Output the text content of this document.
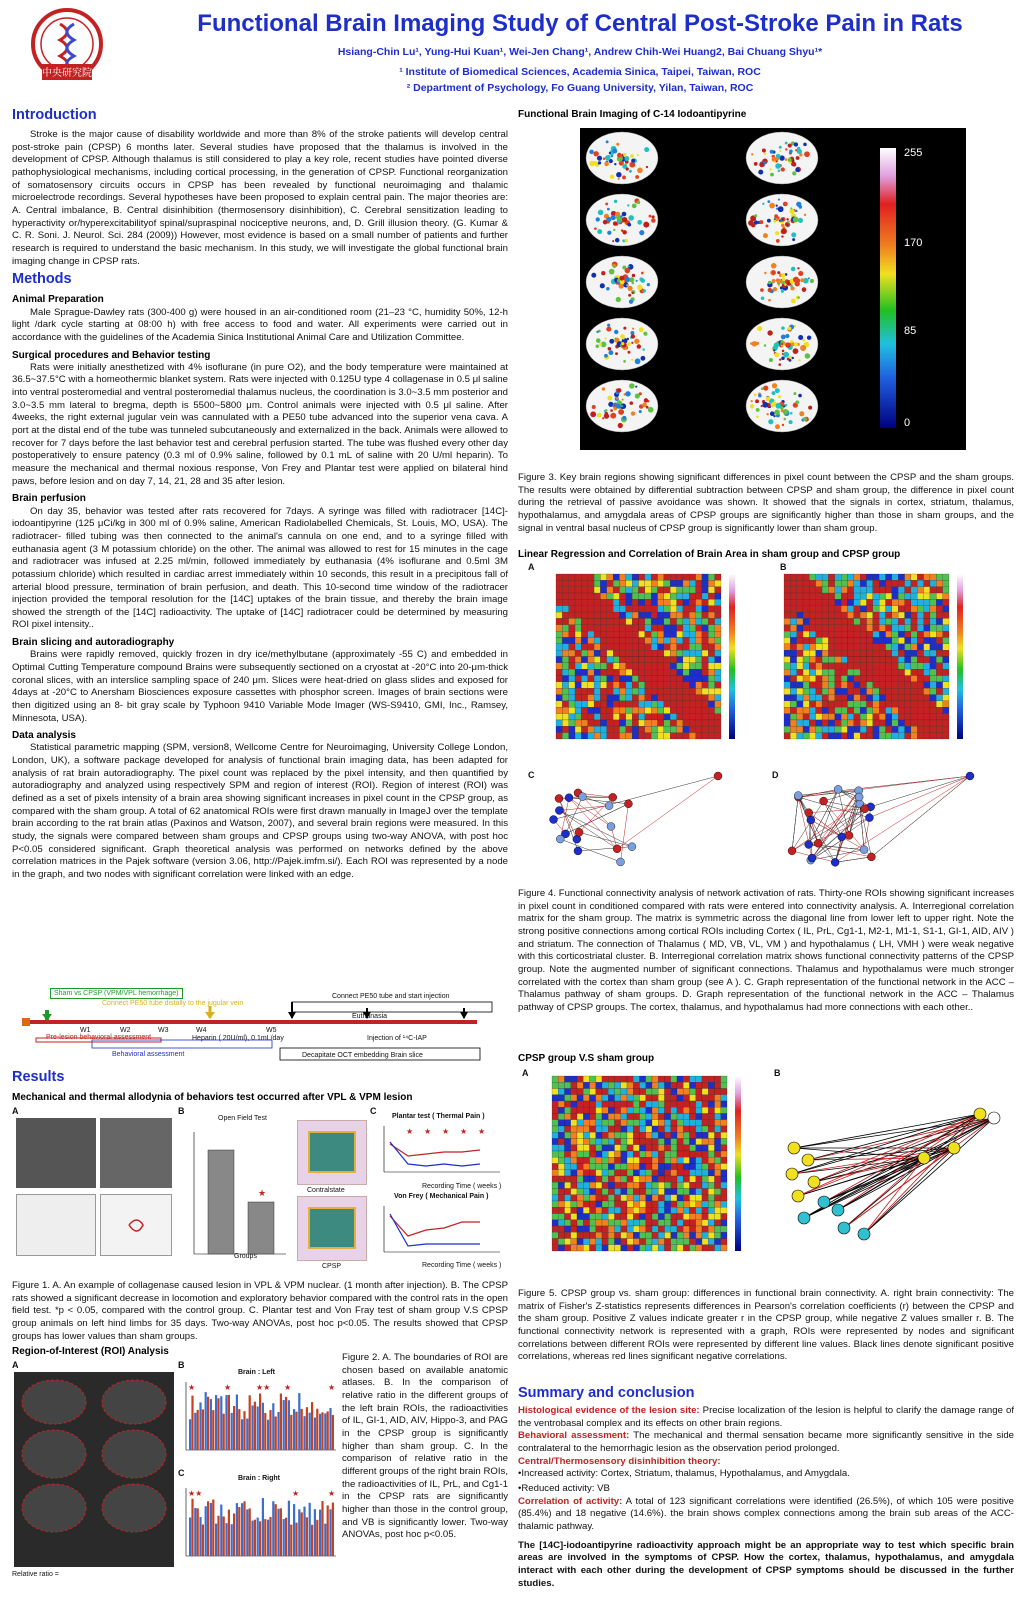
中央研究院
Functional Brain Imaging Study of Central Post-Stroke Pain in Rats
Hsiang-Chin Lu¹, Yung-Hui Kuan¹, Wei-Jen Chang¹, Andrew Chih-Wei Huang2, Bai Chuang Shyu¹*
¹ Institute of Biomedical Sciences, Academia Sinica, Taipei, Taiwan, ROC
² Department of Psychology, Fo Guang University, Yilan, Taiwan, ROC
Introduction

Stroke is the major cause of disability worldwide and more than 8% of the stroke patients will develop central post-stroke pain (CPSP) 6 months later. Several studies have proposed that the thalamus is involved in the development of CPSP. Although thalamus is still considered to play a key role, recent studies have pointed diverse pathophysiological mechanisms, including cortical processing, in the generation of CPSP. Functional reorganization of somatosensory circuits occurs in CPSP has been revealed by functional neuroimaging and thalamic microelectrode recordings. Several hypotheses have been proposed to explain central pain. The major theories are: A. Central imbalance, B. Central disinhibition (thermosensory disinhibition), C. Cerebral sensitization leading to hyperactivity or/hyperexcitabilityof spinal/supraspinal nociceptive neurons, and, D. Grill illusion theory. (G. Kumar & C. R. Soni. J. Neurol. Sci. 284 (2009)) However, most evidence is based on a small number of patients and further research is required to understand the basic mechanism. In this study, we will investigate the global functional brain imaging change in CPSP rats.

Methods
Animal Preparation

Male Sprague-Dawley rats (300-400 g) were housed in an air-conditioned room (21–23 °C, humidity 50%, 12-h light /dark cycle starting at 08:00 h) with free access to food and water. All experiments were carried out in accordance with the guidelines of the Academia Sinica Institutional Animal Care and Utilization Committee.

Surgical procedures and Behavior testing

Rats were initially anesthetized with 4% isoflurane (in pure O2), and the body temperature were maintained at 36.5~37.5°C with a homeothermic blanket system. Rats were injected with 0.125U type 4 collagenase in 0.5 μl saline into ventral posteromedial and ventral posteromedial thalamus nucleus, the coordination is 3.0~3.5 mm posterior and 3.0~3.5 mm lateral to bregma, depth is 5500~5800 μm. Control animals were injected with 0.5 μl saline. After 4weeks, the right external jugular vein was cannulated with a PE50 tube advanced into the superior vena cava. A port at the distal end of the tube was tunneled subcutaneously and externalized in the back. Animals were allowed to recover for 7 days before the last behavior test and cerebral perfusion started. The tube was flushed every other day postoperatively to ensure patency (0.3 ml of 0.9% saline, followed by 0.1 mL of saline with 20 U/ml heparin). To measure the mechanical and thermal noxious response, Von Frey and Plantar test were applied on bilateral hind paws, before lesion and on day 7, 14, 21, 28 and 35 after lesion.

Brain perfusion

On day 35, behavior was tested after rats recovered for 7days. A syringe was filled with radiotracer [14C]-iodoantipyrine (125 μCi/kg in 300 ml of 0.9% saline, American Radiolabelled Chemicals, St. Louis, MO, USA). The radiotracer- filled tubing was then connected to the animal's cannula on one end, and to a syringe filled with euthanasia agent (3 M potassium chloride) on the other. The animal was allowed to rest for 15 minutes in the cage and radiotracer was infused at 2.25 ml/min, followed immediately by euthanasia (4% isoflurane and 0.5ml 3M potassium chloride) which resulted in cardiac arrest immediately within 10 seconds, this result in a precipitous fall of arterial blood pressure, termination of brain perfusion, and death. This 10-second time window of the radiotracer injection provided the temporal resolution for the [14C] uptakes of the brain tissue, and thereby the brain image showed the strength of the [14C] radioactivity. The uptake of [14C] radiotracer could be determined by measuring ROI pixel intensity..

Brain slicing and autoradiography

Brains were rapidly removed, quickly frozen in dry ice/methylbutane (approximately -55 C) and embedded in Optimal Cutting Temperature compound Brains were subsequently sectioned on a cryostat at -20°C into 20-μm-thick coronal slices, with an interslice sampling space of 240 μm. Slices were heat-dried on glass slides and exposed for 4days at -20°C to Anersham Biosciences exposure cassettes with phosphor screen. Images of brain sections were then digitized using an 8- bit gray scale by Typhoon 9410 Variable Mode Imager (WS-S9410, GMI, Inc., Ramsey, Minnesota, USA).

Data analysis

Statistical parametric mapping (SPM, version8, Wellcome Centre for Neuroimaging, University College London, London, UK), a software package developed for analysis of functional brain imaging data, has been adapted for analysis of rat brain autoradiography. The pixel count was replaced by the pixel intensity, and then quantified by autoradiography and analyzed using respectively SPM and region of interest (ROI). Region of interest (ROI) was defined as a set of pixels intensity of a brain area showing significant increases in pixel count in the CPSP group, as compared with the sham group. A total of 62 anatomical ROIs were first drawn manually in ImageJ over the template brain according to the rat brain atlas (Paxinos and Watson, 2007), and several brain regions were measured. In this study, the signals were compared between sham groups and CPSP groups using two-way ANOVA, with post hoc P<0.05 considered significant. Graph theoretical analysis was performed on networks defined by the above correlation matrices in the Pajek software (version 3.06, http://Pajek.imfm.si/). Each ROI was represented by a node in the graph, and two nodes with significant correlation were linked with an edge.

Sham vs CPSP (VPM/VPL hemorrhage)
Connect PE50 tube distally to the jugular vein
Connect PE50 tube and start injection
Euthanasia
W1	W2	W3	W4	W5
Pre-lesion behavioral assessment	Heparin ( 20U/ml), 0.1mL/day	Injection of ¹⁴C-IAP
Behavioral assessment	Decapitate OCT embedding Brain slice
Results
Mechanical and thermal allodynia of behaviors test occurred after VPL & VPM lesion
A	B
Open Field Test
★
Groups
Contralstate
CPSP
C
Plantar test ( Thermal Pain )
★ ★ ★ ★ ★
Recording Time ( weeks )
Von Frey ( Mechanical Pain )
Recording Time ( weeks )

Figure 1. A. An example of collagenase caused lesion in VPL & VPM nuclear. (1 month after injection). B. The CPSP rats showed a significant decrease in locomotion and exploratory behavior compared with the control rats in the open field test. *p < 0.05, compared with the control group. C. Plantar test and Von Fray test of sham group V.S CPSP group animals on left hind limbs for 35 days. Two-way ANOVAs, post hoc p<0.05. The results showed that CPSP groups has lower values than sham groups.

Region-of-Interest (ROI) Analysis
A
Relative ratio =
B
Brain : Left
★	★	★★ ★	★
C
Brain : Right
★★	★	★

Figure 2. A. The boundaries of ROI are chosen based on available anatomic atlases. B. In the comparison of relative ratio in the different groups of the left brain ROIs, the radioactivities of IL, GI-1, AID, AIV, Hippo-3, and PAG in the CPSP group is significantly higher than sham group. C. In the comparison of relative ratio in the different groups of the right brain ROIs, the radioactivities of IL, PrL, and Cg1-1 in the CPSP rats are significantly higher than those in the control group, and VB is significantly lower. Two-way ANOVAs, post hoc p<0.05.

Functional Brain Imaging of C-14 Iodoantipyrine
255
170
85
0

Figure 3. Key brain regions showing significant differences in pixel count between the CPSP and the sham groups. The results were obtained by differential subtraction between CPSP and sham group, the difference in pixel count during the retrieval of passive avoidance was shown. It showed that the signals in cortex, striatum, thalamus, hypothalamus, and amygdala areas of CPSP groups are significantly higher than those in sham groups, and the signal in ventral basal nucleus of CPSP group is significantly lower than sham group.

Linear Regression and Correlation of Brain Area in sham group and CPSP group
A	B
C	D

Figure 4. Functional connectivity analysis of network activation of rats. Thirty-one ROIs showing significant increases in pixel count in conditioned compared with rats were entered into connectivity analysis. A. Interregional correlation matrix for the sham group. The matrix is symmetric across the diagonal line from lower left to upper right. Note the strong positive connections among cortical ROIs including Cortex ( IL, PrL, Cg1-1, M2-1, M1-1, S1-1, GI-1, AID, AIV ) and striatum. The connection of Thalamus ( MD, VB, VL, VM ) and hypothalamus ( LH, VMH ) were weak negative with this corticostriatal cluster. B. Interregional correlation matrix shows functional connectivity patterns of the CPSP group. Note the augmented number of significant connections. Thalamus and hypothalamus were much stronger correlated with the cortex than sham group (see A ). C. Graph representation of the functional network in the ACC – Thalamus pathway of sham groups. D. Graph representation of the functional network in the ACC – Thalamus pathway of CPSP groups. The cortex, thalamus, and hypothalamus had more connections with each other..

CPSP group V.S sham group
A	B

Figure 5. CPSP group vs. sham group: differences in functional brain connectivity. A. right brain connectivity: The matrix of Fisher's Z-statistics represents differences in Pearson's correlation coefficients (r) between the CPSP and the sham group. Positive Z values indicate greater r in the CPSP group, while negative Z values smaller r. B. The functional connectivity network is represented with a graph, ROIs were represented by nodes and significant correlations between different ROIs were represented by different line values. Black lines denote significant positive correlations, whereas red lines significant negative correlations.

Summary and conclusion

Histological evidence of the lesion site: Precise localization of the lesion is helpful to clarify the damage range of the ventrobasal complex and its effects on other brain regions.

Behavioral assessment: The mechanical and thermal sensation became more significantly sensitive in the side contralateral to the hemorrhagic lesion as the observation period prolonged.

Central/Thermosensory disinhibition theory:

•Increased activity: Cortex, Striatum, thalamus, Hypothalamus, and Amygdala.

•Reduced activity: VB

Correlation of activity: A total of 123 significant correlations were identified (26.5%), of which 105 were positive (85.4%) and 18 negative (14.6%). the brain shows complex connections among the brain sub areas of the ACC-thalamic pathway.

The [14C]-iodoantipyrine radioactivity approach might be an appropriate way to test which specific brain areas are involved in the symptoms of CPSP. How the cortex, thalamus, hypothalamus, and amygdala interact with each other during the development of CPSP symptoms should be discussed in the further studies.
